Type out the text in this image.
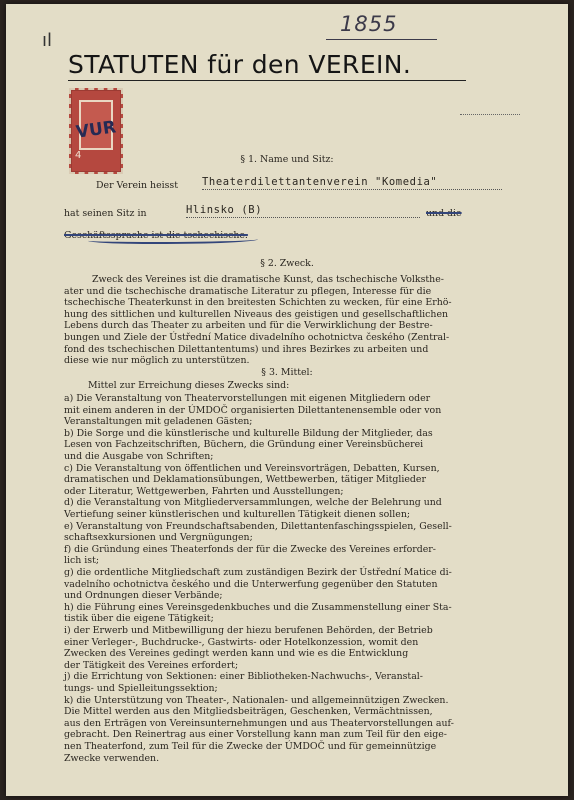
ıl
1855
STATUTEN für den VEREIN.
4
VUR
§ 1. Name und Sitz:
Der Verein heisst Theaterdilettantenverein "Komedia"
hat seinen Sitz in	Hlinsko (B)	und die
Geschäftssprache ist die tschechische.
§ 2. Zweck.
Zweck des Vereines ist die dramatische Kunst, das tschechische Volksthe-
ater und die tschechische dramatische Literatur zu pflegen, Interesse für die
tschechische Theaterkunst in den breitesten Schichten zu wecken, für eine Erhö-
hung des sittlichen und kulturellen Niveaus des geistigen und gesellschaftlichen
Lebens durch das Theater zu arbeiten und für die Verwirklichung der Bestre-
bungen und Ziele der Ústřední Matice divadelního ochotnictva českého (Zentral-
fond des tschechischen Dilettantentums) und ihres Bezirkes zu arbeiten und
diese wie nur möglich zu unterstützen.
§ 3. Mittel:
Mittel zur Erreichung dieses Zwecks sind:
a) Die Veranstaltung von Theatervorstellungen mit eigenen Mitgliedern oder
mit einem anderen in der ÚMDOČ organisierten Dilettantenensemble oder von
Veranstaltungen mit geladenen Gästen;
b) Die Sorge und die künstlerische und kulturelle Bildung der Mitglieder, das
Lesen von Fachzeitschriften, Büchern, die Gründung einer Vereinsbücherei
und die Ausgabe von Schriften;
c) Die Veranstaltung von öffentlichen und Vereinsvorträgen, Debatten, Kursen,
dramatischen und Deklamationsübungen, Wettbewerben, tätiger Mitglieder
oder Literatur, Wettgewerben, Fahrten und Ausstellungen;
d) die Veranstaltung von Mitgliederversammlungen, welche der Belehrung und
Vertiefung seiner künstlerischen und kulturellen Tätigkeit dienen sollen;
e) Veranstaltung von Freundschaftsabenden, Dilettantenfaschingsspielen, Gesell-
schaftsexkursionen und Vergnügungen;
f) die Gründung eines Theaterfonds der für die Zwecke des Vereines erforder-
lich ist;
g) die ordentliche Mitgliedschaft zum zuständigen Bezirk der Ústřední Matice di-
vadelního ochotnictva českého und die Unterwerfung gegenüber den Statuten
und Ordnungen dieser Verbände;
h) die Führung eines Vereinsgedenkbuches und die Zusammenstellung einer Sta-
tistik über die eigene Tätigkeit;
i) der Erwerb und Mitbewilligung der hiezu berufenen Behörden, der Betrieb
einer Verleger-, Buchdrucke-, Gastwirts- oder Hotelkonzession, womit den
Zwecken des Vereines gedingt werden kann und wie es die Entwicklung
der Tätigkeit des Vereines erfordert;
j) die Errichtung von Sektionen: einer Bibliotheken-Nachwuchs-, Veranstal-
tungs- und Spielleitungssektion;
k) die Unterstützung von Theater-, Nationalen- und allgemeinnützigen Zwecken.
Die Mittel werden aus den Mitgliedsbeiträgen, Geschenken, Vermächtnissen,
aus den Erträgen von Vereinsunternehmungen und aus Theatervorstellungen auf-
gebracht. Den Reinertrag aus einer Vorstellung kann man zum Teil für den eige-
nen Theaterfond, zum Teil für die Zwecke der ÚMDOČ und für gemeinnützige
Zwecke verwenden.
